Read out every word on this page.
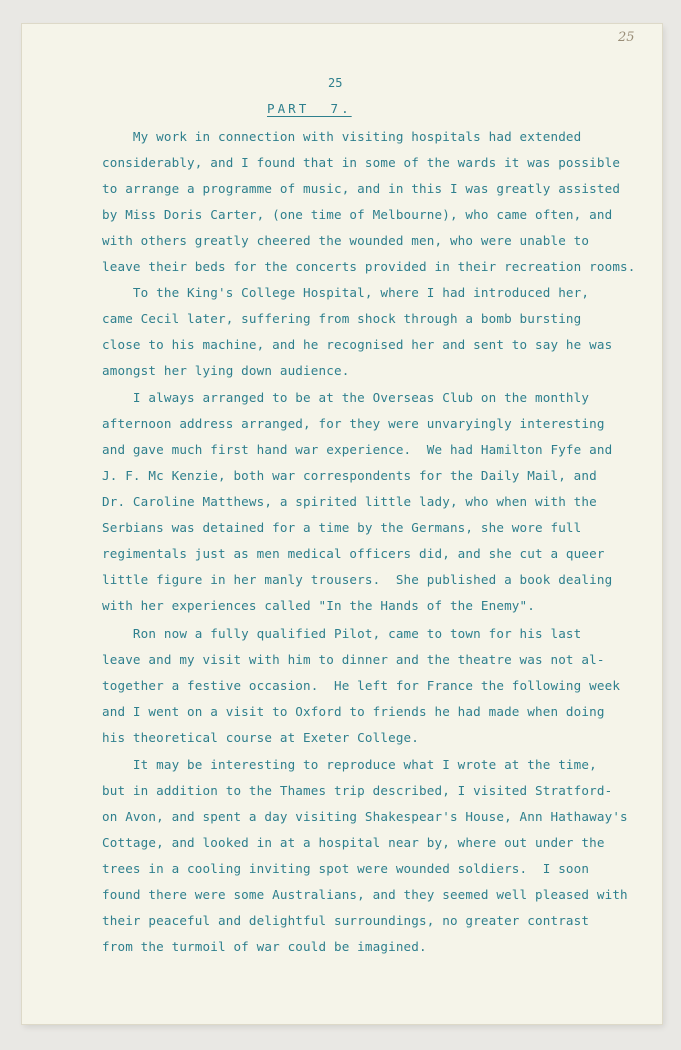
25
25
PART  7.
My work in connection with visiting hospitals had extended
considerably, and I found that in some of the wards it was possible
to arrange a programme of music, and in this I was greatly assisted
by Miss Doris Carter, (one time of Melbourne), who came often, and
with others greatly cheered the wounded men, who were unable to
leave their beds for the concerts provided in their recreation rooms.
To the King's College Hospital, where I had introduced her,
came Cecil later, suffering from shock through a bomb bursting
close to his machine, and he recognised her and sent to say he was
amongst her lying down audience.
I always arranged to be at the Overseas Club on the monthly
afternoon address arranged, for they were unvaryingly interesting
and gave much first hand war experience.  We had Hamilton Fyfe and
J. F. Mc Kenzie, both war correspondents for the Daily Mail, and
Dr. Caroline Matthews, a spirited little lady, who when with the
Serbians was detained for a time by the Germans, she wore full
regimentals just as men medical officers did, and she cut a queer
little figure in her manly trousers.  She published a book dealing
with her experiences called "In the Hands of the Enemy".
Ron now a fully qualified Pilot, came to town for his last
leave and my visit with him to dinner and the theatre was not al-
together a festive occasion.  He left for France the following week
and I went on a visit to Oxford to friends he had made when doing
his theoretical course at Exeter College.
It may be interesting to reproduce what I wrote at the time,
but in addition to the Thames trip described, I visited Stratford-
on Avon, and spent a day visiting Shakespear's House, Ann Hathaway's
Cottage, and looked in at a hospital near by, where out under the
trees in a cooling inviting spot were wounded soldiers.  I soon
found there were some Australians, and they seemed well pleased with
their peaceful and delightful surroundings, no greater contrast
from the turmoil of war could be imagined.
